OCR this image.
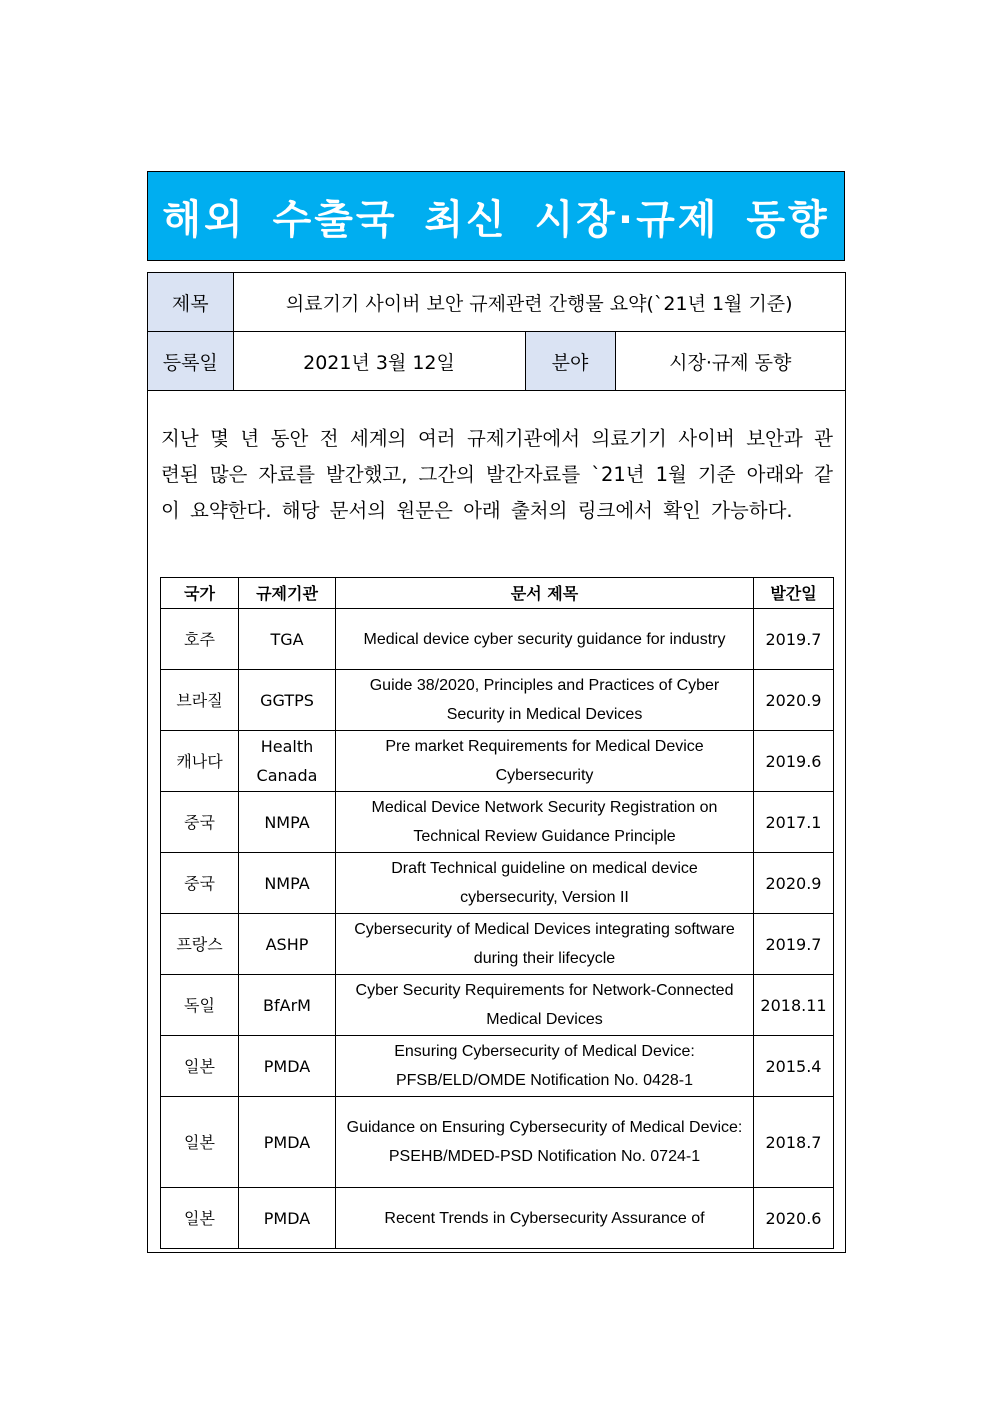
해외 수출국 최신 시장·규제 동향
제목	의료기기 사이버 보안 규제관련 간행물 요약(`21년 1월 기준)		
등록일	2021년 3월 12일	분야	시장·규제 동향
지난 몇 년 동안 전 세계의 여러 규제기관에서 의료기기 사이버 보안과 관련된 많은 자료를 발간했고, 그간의 발간자료를 `21년 1월 기준 아래와 같이 요약한다. 해당 문서의 원문은 아래 출처의 링크에서 확인 가능하다.
국가	규제기관	문서 제목	발간일
호주	TGA	Medical device cyber security guidance for industry	2019.7
브라질	GGTPS	Guide 38/2020, Principles and Practices of Cyber Security in Medical Devices	2020.9
캐나다	Health Canada	Pre market Requirements for Medical Device Cybersecurity	2019.6
중국	NMPA	Medical Device Network Security Registration on Technical Review Guidance Principle	2017.1
중국	NMPA	Draft Technical guideline on medical device cybersecurity, Version II	2020.9
프랑스	ASHP	Cybersecurity of Medical Devices integrating software during their lifecycle	2019.7
독일	BfArM	Cyber Security Requirements for Network-Connected Medical Devices	2018.11
일본	PMDA	Ensuring Cybersecurity of Medical Device: PFSB/ELD/OMDE Notification No. 0428-1	2015.4
일본	PMDA	Guidance on Ensuring Cybersecurity of Medical Device: PSEHB/MDED-PSD Notification No. 0724-1	2018.7
일본	PMDA	Recent Trends in Cybersecurity Assurance of	2020.6
